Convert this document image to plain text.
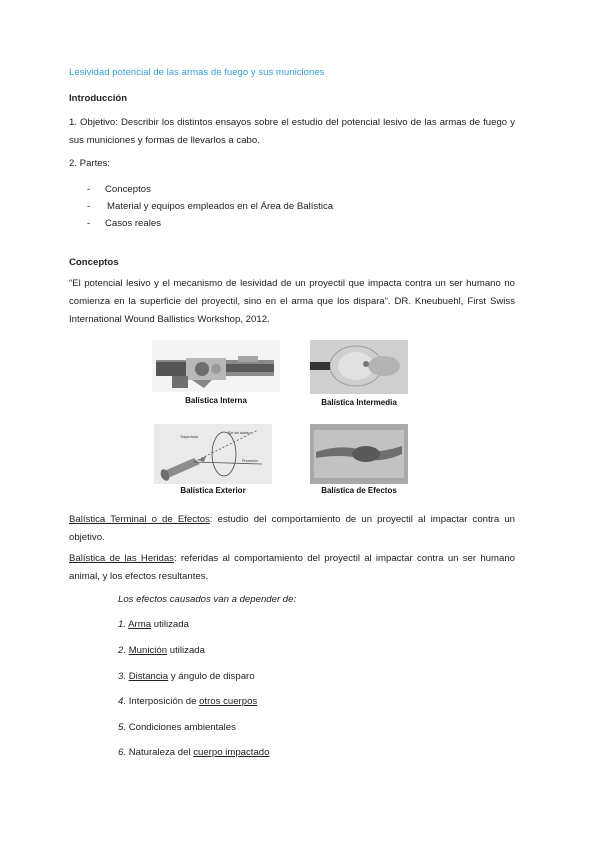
Lesividad potencial de las armas de fuego y sus municiones

Introducción

1. Objetivo: Describir los distintos ensayos sobre el estudio del potencial lesivo de las armas de fuego y sus municiones y formas de llevarlos a cabo.

2. Partes:

- Conceptos
- Material y equipos empleados en el Área de Balística
- Casos reales

Conceptos

“El potencial lesivo y el mecanismo de lesividad de un proyectil que impacta contra un ser humano no comienza en la superficie del proyectil, sino en el arma que los dispara”. DR. Kneubuehl, First Swiss International Wound Ballistics Workshop, 2012.

Balística Interna	Balística Intermedia
Trayectoria
Eje del alabeo
Precesión
Balística Exterior	Balística de Efectos

Balística Terminal o de Efectos: estudio del comportamiento de un proyectil al impactar contra un objetivo.

Balística de las Heridas: referidas al comportamiento del proyectil al impactar contra un ser humano animal, y los efectos resultantes.

Los efectos causados van a depender de:

1. Arma utilizada

2. Munición utilizada

3. Distancia y ángulo de disparo

4. Interposición de otros cuerpos

5. Condiciones ambientales

6. Naturaleza del cuerpo impactado
